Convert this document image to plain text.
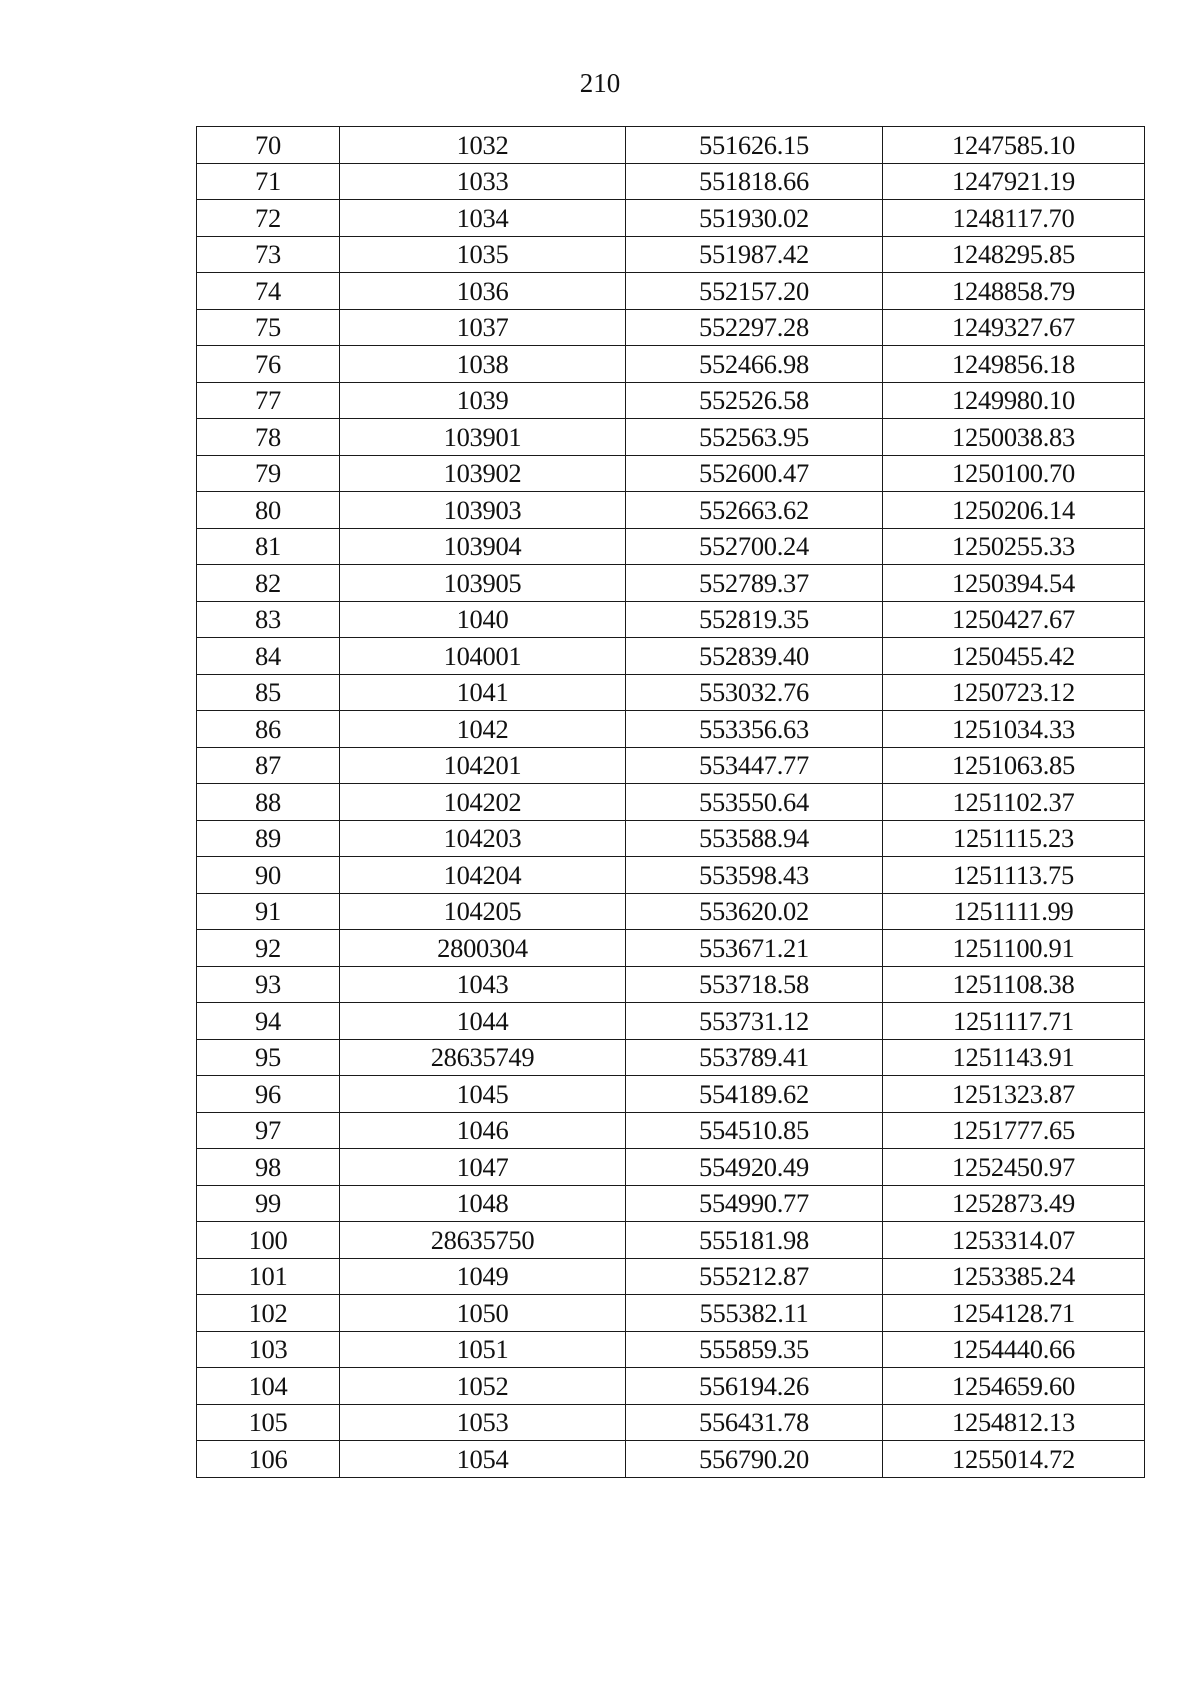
210
70	1032	551626.15	1247585.10
71	1033	551818.66	1247921.19
72	1034	551930.02	1248117.70
73	1035	551987.42	1248295.85
74	1036	552157.20	1248858.79
75	1037	552297.28	1249327.67
76	1038	552466.98	1249856.18
77	1039	552526.58	1249980.10
78	103901	552563.95	1250038.83
79	103902	552600.47	1250100.70
80	103903	552663.62	1250206.14
81	103904	552700.24	1250255.33
82	103905	552789.37	1250394.54
83	1040	552819.35	1250427.67
84	104001	552839.40	1250455.42
85	1041	553032.76	1250723.12
86	1042	553356.63	1251034.33
87	104201	553447.77	1251063.85
88	104202	553550.64	1251102.37
89	104203	553588.94	1251115.23
90	104204	553598.43	1251113.75
91	104205	553620.02	1251111.99
92	2800304	553671.21	1251100.91
93	1043	553718.58	1251108.38
94	1044	553731.12	1251117.71
95	28635749	553789.41	1251143.91
96	1045	554189.62	1251323.87
97	1046	554510.85	1251777.65
98	1047	554920.49	1252450.97
99	1048	554990.77	1252873.49
100	28635750	555181.98	1253314.07
101	1049	555212.87	1253385.24
102	1050	555382.11	1254128.71
103	1051	555859.35	1254440.66
104	1052	556194.26	1254659.60
105	1053	556431.78	1254812.13
106	1054	556790.20	1255014.72
